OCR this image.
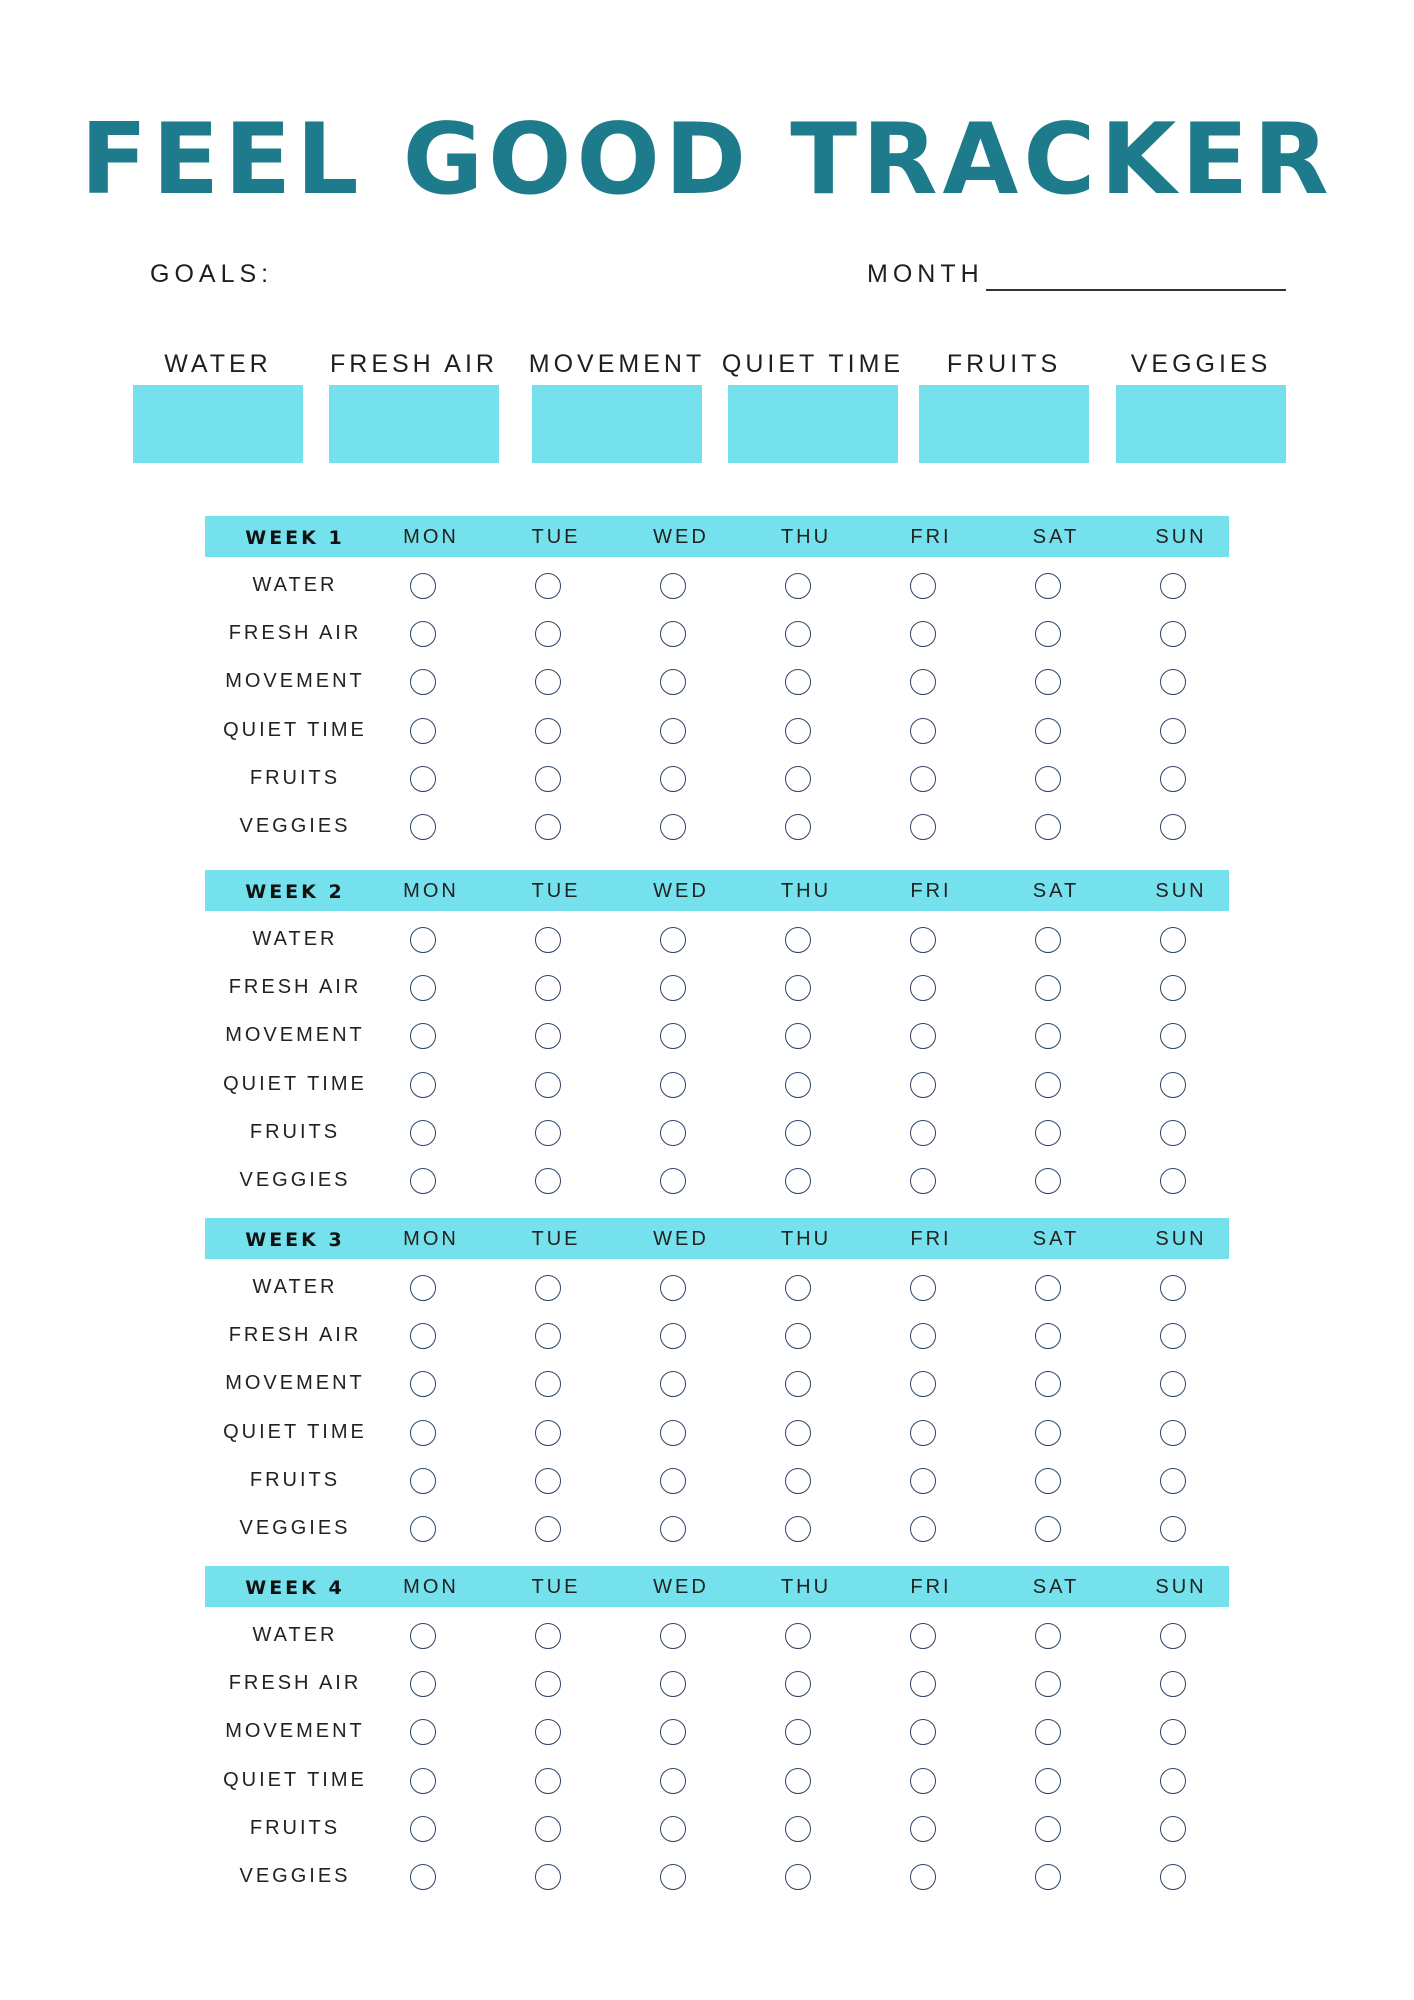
FEEL GOOD TRACKER
GOALS:	MONTH
WATER	FRESH AIR	MOVEMENT QUIET TIME	FRUITS	VEGGIES
WEEK 1	MON	TUE	WED	THU	FRI	SAT	SUN
WATER
FRESH AIR
MOVEMENT
QUIET TIME
FRUITS
VEGGIES
WEEK 2	MON	TUE	WED	THU	FRI	SAT	SUN
WATER
FRESH AIR
MOVEMENT
QUIET TIME
FRUITS
VEGGIES
WEEK 3	MON	TUE	WED	THU	FRI	SAT	SUN
WATER
FRESH AIR
MOVEMENT
QUIET TIME
FRUITS
VEGGIES
WEEK 4	MON	TUE	WED	THU	FRI	SAT	SUN
WATER
FRESH AIR
MOVEMENT
QUIET TIME
FRUITS
VEGGIES
